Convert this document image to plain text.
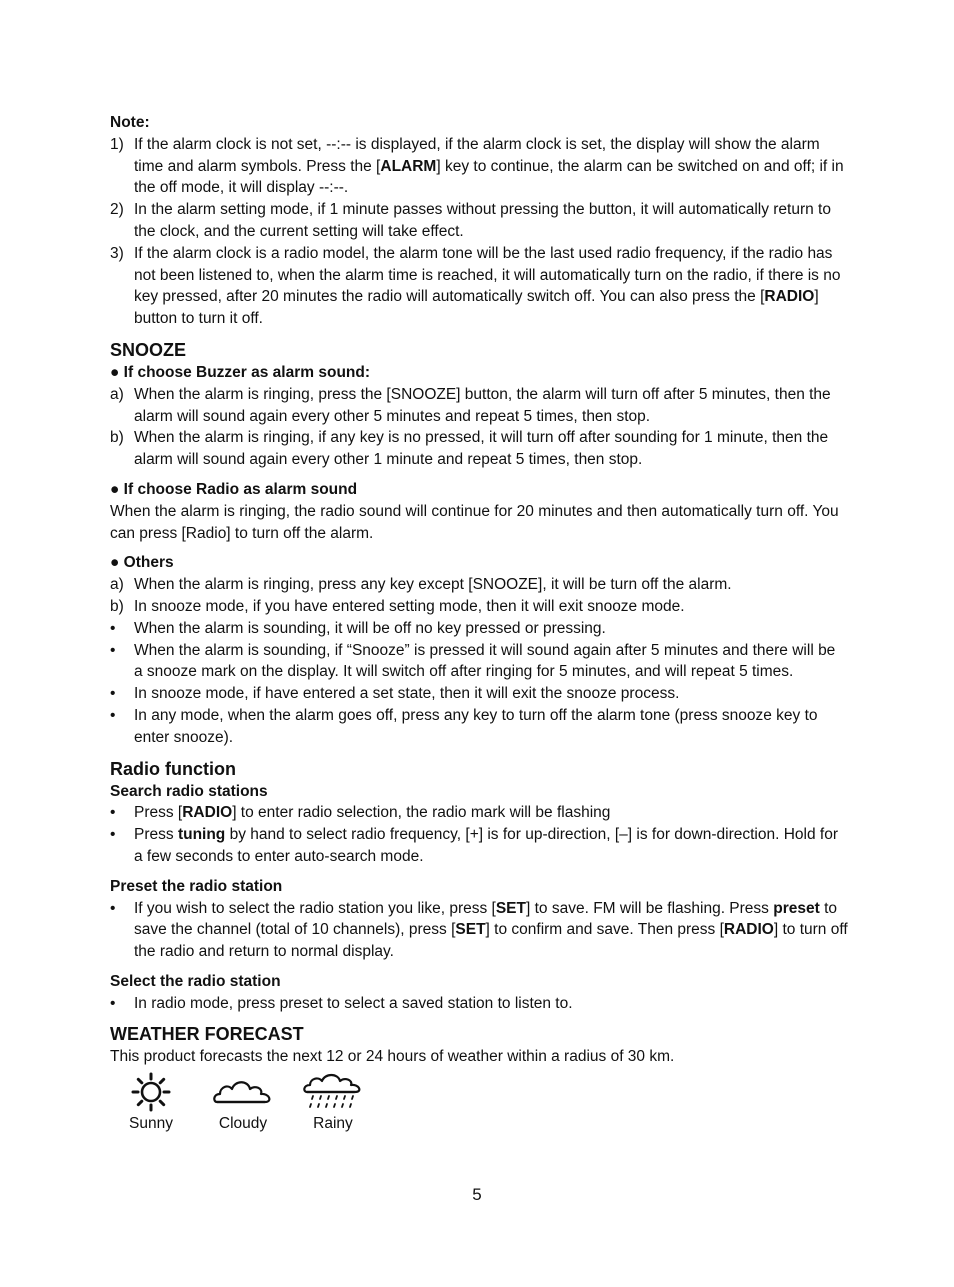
Note:
1) If the alarm clock is not set, --:-- is displayed, if the alarm clock is set, the display will show the alarm time and alarm symbols. Press the [ALARM] key to continue, the alarm can be switched on and off; if in the off mode, it will display --:--.
2) In the alarm setting mode, if 1 minute passes without pressing the button, it will automatically return to the clock, and the current setting will take effect.
3) If the alarm clock is a radio model, the alarm tone will be the last used radio frequency, if the radio has not been listened to, when the alarm time is reached, it will automatically turn on the radio, if there is no key pressed, after 20 minutes the radio will automatically switch off. You can also press the [RADIO] button to turn it off.
SNOOZE
● If choose Buzzer as alarm sound:
a) When the alarm is ringing, press the [SNOOZE] button, the alarm will turn off after 5 minutes, then the alarm will sound again every other 5 minutes and repeat 5 times, then stop.
b) When the alarm is ringing, if any key is no pressed, it will turn off after sounding for 1 minute, then the alarm will sound again every other 1 minute and repeat 5 times, then stop.
● If choose Radio as alarm sound
When the alarm is ringing, the radio sound will continue for 20 minutes and then automatically turn off. You can press [Radio] to turn off the alarm.
● Others
a) When the alarm is ringing, press any key except [SNOOZE], it will be turn off the alarm.
b) In snooze mode, if you have entered setting mode, then it will exit snooze mode.
•	When the alarm is sounding, it will be off no key pressed or pressing.
•	When the alarm is sounding, if “Snooze” is pressed it will sound again after 5 minutes and there will be a snooze mark on the display. It will switch off after ringing for 5 minutes, and will repeat 5 times.
•	In snooze mode, if have entered a set state, then it will exit the snooze process.
•	In any mode, when the alarm goes off, press any key to turn off the alarm tone (press snooze key to enter snooze).
Radio function
Search radio stations
•	Press [RADIO] to enter radio selection, the radio mark will be flashing
•	Press tuning by hand to select radio frequency, [+] is for up-direction, [–] is for down-direction. Hold for a few seconds to enter auto-search mode.
Preset the radio station
•	If you wish to select the radio station you like, press [SET] to save. FM will be flashing. Press preset to save the channel (total of 10 channels), press [SET] to confirm and save. Then press [RADIO] to turn off the radio and return to normal display.
Select the radio station
•	In radio mode, press preset to select a saved station to listen to.
WEATHER FORECAST
This product forecasts the next 12 or 24 hours of weather within a radius of 30 km.
Sunny	Cloudy	Rainy
5
